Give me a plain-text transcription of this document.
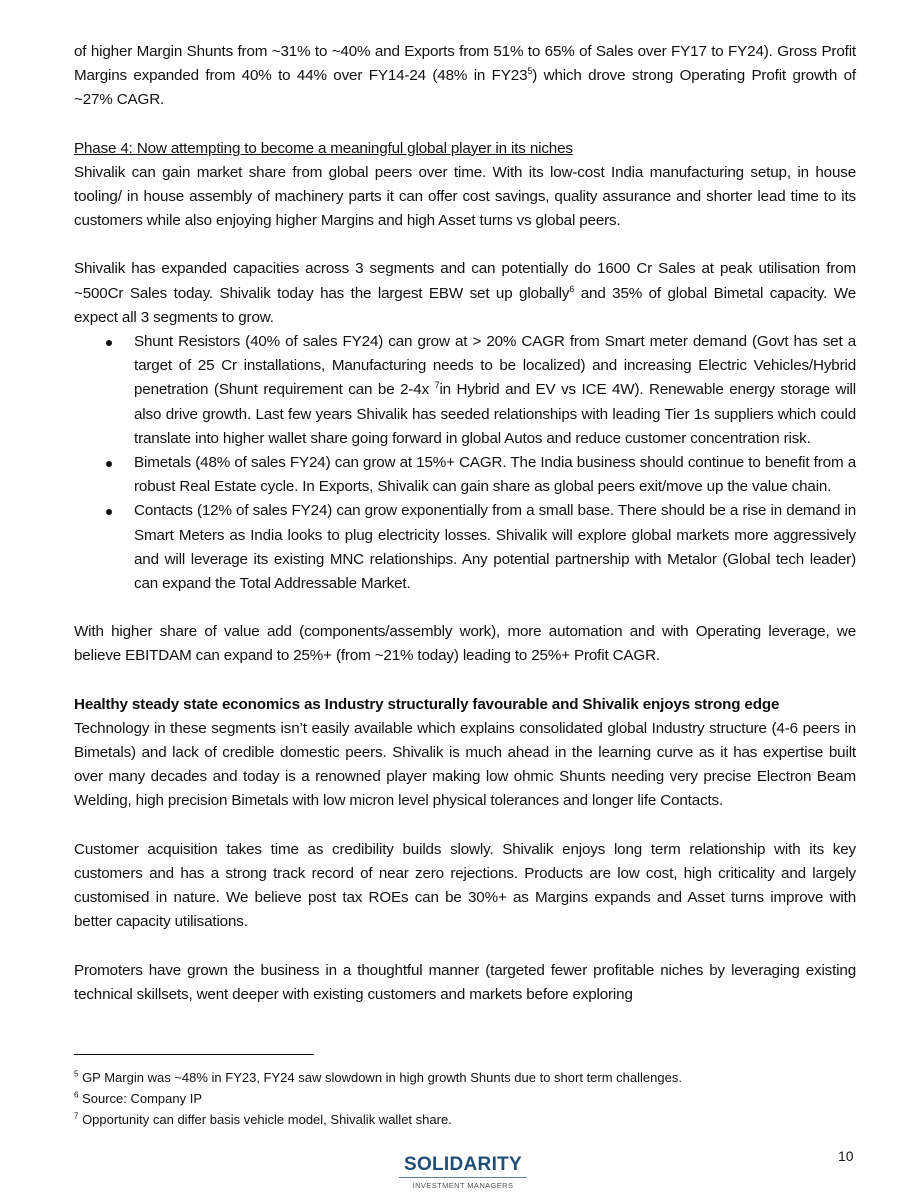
of higher Margin Shunts from ~31% to ~40% and Exports from 51% to 65% of Sales over FY17 to FY24). Gross Profit Margins expanded from 40% to 44% over FY14-24 (48% in $FY23^5$) which drove strong Operating Profit growth of ~27% CAGR.

Phase 4: Now attempting to become a meaningful global player in its niches

Shivalik can gain market share from global peers over time. With its low-cost India manufacturing setup, in house tooling/ in house assembly of machinery parts it can offer cost savings, quality assurance and shorter lead time to its customers while also enjoying higher Margins and high Asset turns vs global peers.

Shivalik has expanded capacities across 3 segments and can potentially do 1600 Cr Sales at peak utilisation from ~500Cr Sales today. Shivalik today has the largest EBW set up globally$^6$ and 35% of global Bimetal capacity. We expect all 3 segments to grow.

Shunt Resistors (40% of sales FY24) can grow at > 20% CAGR from Smart meter demand (Govt has set a target of 25 Cr installations, Manufacturing needs to be localized) and increasing Electric Vehicles/Hybrid penetration (Shunt requirement can be 2-4x $^7$in Hybrid and EV vs ICE 4W). Renewable energy storage will also drive growth. Last few years Shivalik has seeded relationships with leading Tier 1s suppliers which could translate into higher wallet share going forward in global Autos and reduce customer concentration risk.
Bimetals (48% of sales FY24) can grow at 15%+ CAGR. The India business should continue to benefit from a robust Real Estate cycle. In Exports, Shivalik can gain share as global peers exit/move up the value chain.
Contacts (12% of sales FY24) can grow exponentially from a small base. There should be a rise in demand in Smart Meters as India looks to plug electricity losses. Shivalik will explore global markets more aggressively and will leverage its existing MNC relationships. Any potential partnership with Metalor (Global tech leader) can expand the Total Addressable Market.

With higher share of value add (components/assembly work), more automation and with Operating leverage, we believe EBITDAM can expand to 25%+ (from ~21% today) leading to 25%+ Profit CAGR.

Healthy steady state economics as Industry structurally favourable and Shivalik enjoys strong edge

Technology in these segments isn’t easily available which explains consolidated global Industry structure (4-6 peers in Bimetals) and lack of credible domestic peers. Shivalik is much ahead in the learning curve as it has expertise built over many decades and today is a renowned player making low ohmic Shunts needing very precise Electron Beam Welding, high precision Bimetals with low micron level physical tolerances and longer life Contacts.

Customer acquisition takes time as credibility builds slowly. Shivalik enjoys long term relationship with its key customers and has a strong track record of near zero rejections. Products are low cost, high criticality and largely customised in nature. We believe post tax ROEs can be 30%+ as Margins expands and Asset turns improve with better capacity utilisations.

Promoters have grown the business in a thoughtful manner (targeted fewer profitable niches by leveraging existing technical skillsets, went deeper with existing customers and markets before exploring

$^5$ GP Margin was ~48% in FY23, FY24 saw slowdown in high growth Shunts due to short term challenges.
$^6$ Source: Company IP
$^7$ Opportunity can differ basis vehicle model, Shivalik wallet share.
SOLIDARITY
INVESTMENT MANAGERS
10
